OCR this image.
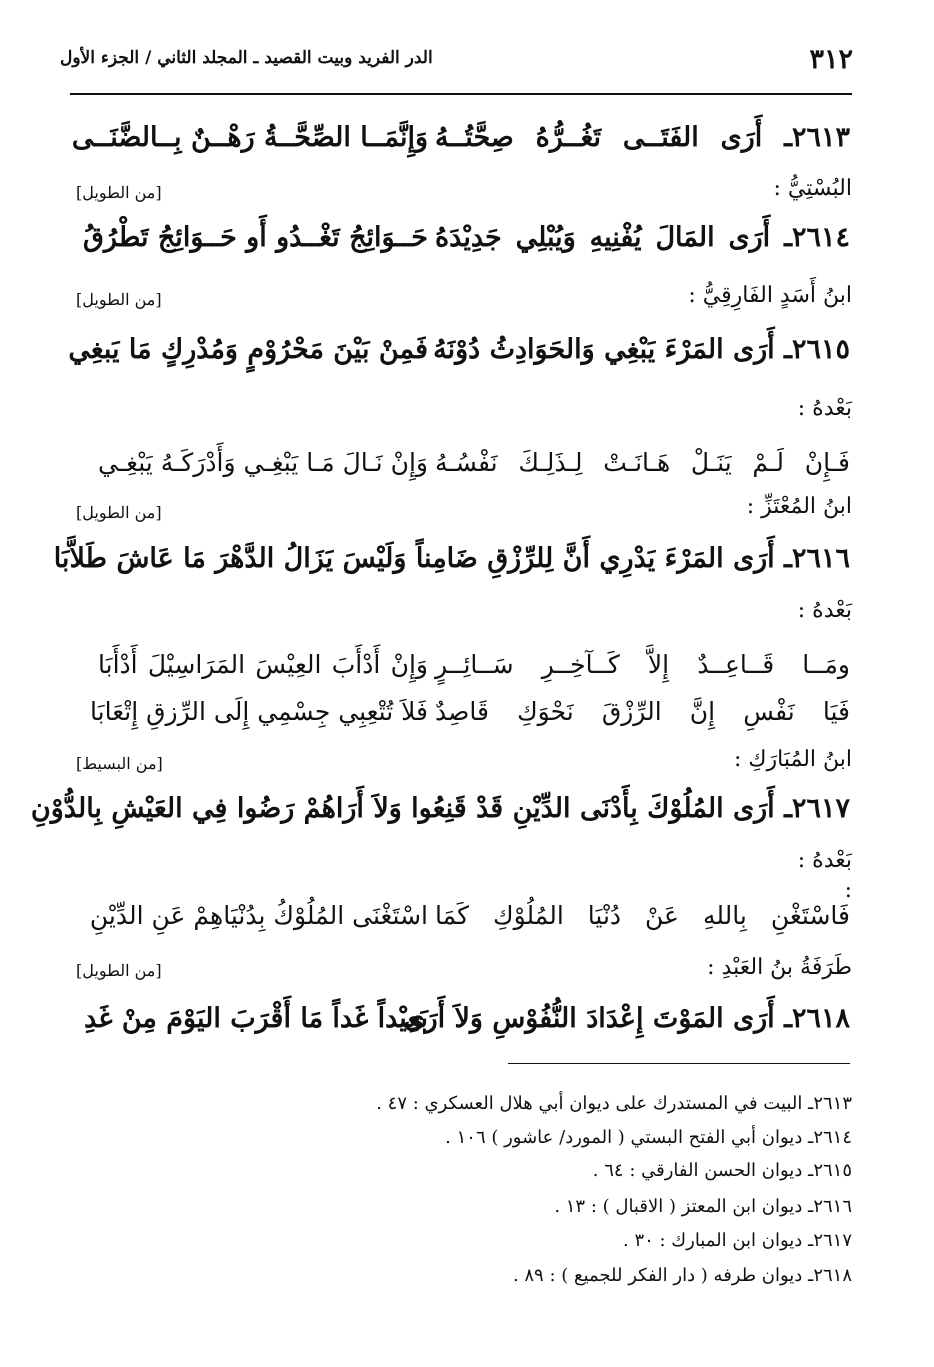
٣١٢
الدر الفريد وبيت القصيد ـ المجلد الثاني / الجزء الأول
٢٦١٣ـ أَرَى الفَتَــى تَغُــرُّهُ صِحَّتُــهُ
وَإِنَّمَــا الصِّحَّــةُ رَهْــنٌ بِــالضَّنَــى
البُسْتِيُّ :
[من الطويل]
٢٦١٤ـ أَرَى المَالَ يُفْنِيهِ وَيُبْلِي جَدِيْدَهُ
حَــوَائِجُ تَغْــدُو أَو حَــوَائِجُ تَطْرُقُ
ابنُ أَسَدٍ الفَارِقِيُّ :
[من الطويل]
٢٦١٥ـ أَرَى المَرْءَ يَبْغِي وَالحَوَادِثُ دُوْنَهُ
فَمِنْ بَيْنَ مَحْرُوْمٍ وَمُدْرِكٍ مَا يَبغِي
بَعْدهُ :
فَـإِنْ لَـمْ يَنَـلْ هَـانَـتْ لِـذَلِـكَ نَفْسُـهُ
وَإِنْ نَـالَ مَـا يَبْغِـي وَأَدْرَكَـهُ يَبْغِـي
ابنُ المُعْتَزِّ :
[من الطويل]
٢٦١٦ـ أَرَى المَرْءَ يَدْرِي أَنَّ لِلرِّزْقِ ضَامِناً وَلَيْسَ يَزَالُ الدَّهْرَ مَا عَاشَ طَلاَّبَا
بَعْدهُ :
ومَــا قَــاعِــدٌ إِلاَّ كَــآخِــرِ سَــائِــرٍ
وَإِنْ أَدْأَبَ العِيْسَ المَرَاسِيْلَ أَدْأَبَا
فَيَا نَفْسِ إِنَّ الرِّزْقَ نَحْوَكِ قَاصِدٌ
فَلاَ تُتْعِبِي جِسْمِي إِلَى الرِّزقِ إِتْعَابَا
ابنُ المُبَارَكِ :
[من البسيط]
٢٦١٧ـ أَرَى المُلُوْكَ بِأَدْنَى الدِّيْنِ قَدْ قَنِعُوا وَلاَ أَرَاهُمْ رَضُوا فِي العَيْشِ بِالدُّوْنِ
بَعْدهُ :
:
فَاسْتَغْنِ بِاللهِ عَنْ دُنْيَا المُلُوْكِ كَمَا
اسْتَغْنَى المُلُوْكُ بِدُنْيَاهِمْ عَنِ الدِّيْنِ
طَرَفَةُ بنُ العَبْدِ :
[من الطويل]
٢٦١٨ـ أَرَى المَوْتَ إِعْدَادَ النُّفُوْسِ وَلاَ أَرَى
بَعِيْداً غَداً مَا أَقْرَبَ اليَوْمَ مِنْ غَدِ
٢٦١٣ـ البيت في المستدرك على ديوان أبي هلال العسكري : ٤٧ .
٢٦١٤ـ ديوان أبي الفتح البستي ( المورد/ عاشور ) ١٠٦ .
٢٦١٥ـ ديوان الحسن الفارقي : ٦٤ .
٢٦١٦ـ ديوان ابن المعتز ( الاقبال ) : ١٣ .
٢٦١٧ـ ديوان ابن المبارك : ٣٠ .
٢٦١٨ـ ديوان طرفه ( دار الفكر للجميع ) : ٨٩ .
